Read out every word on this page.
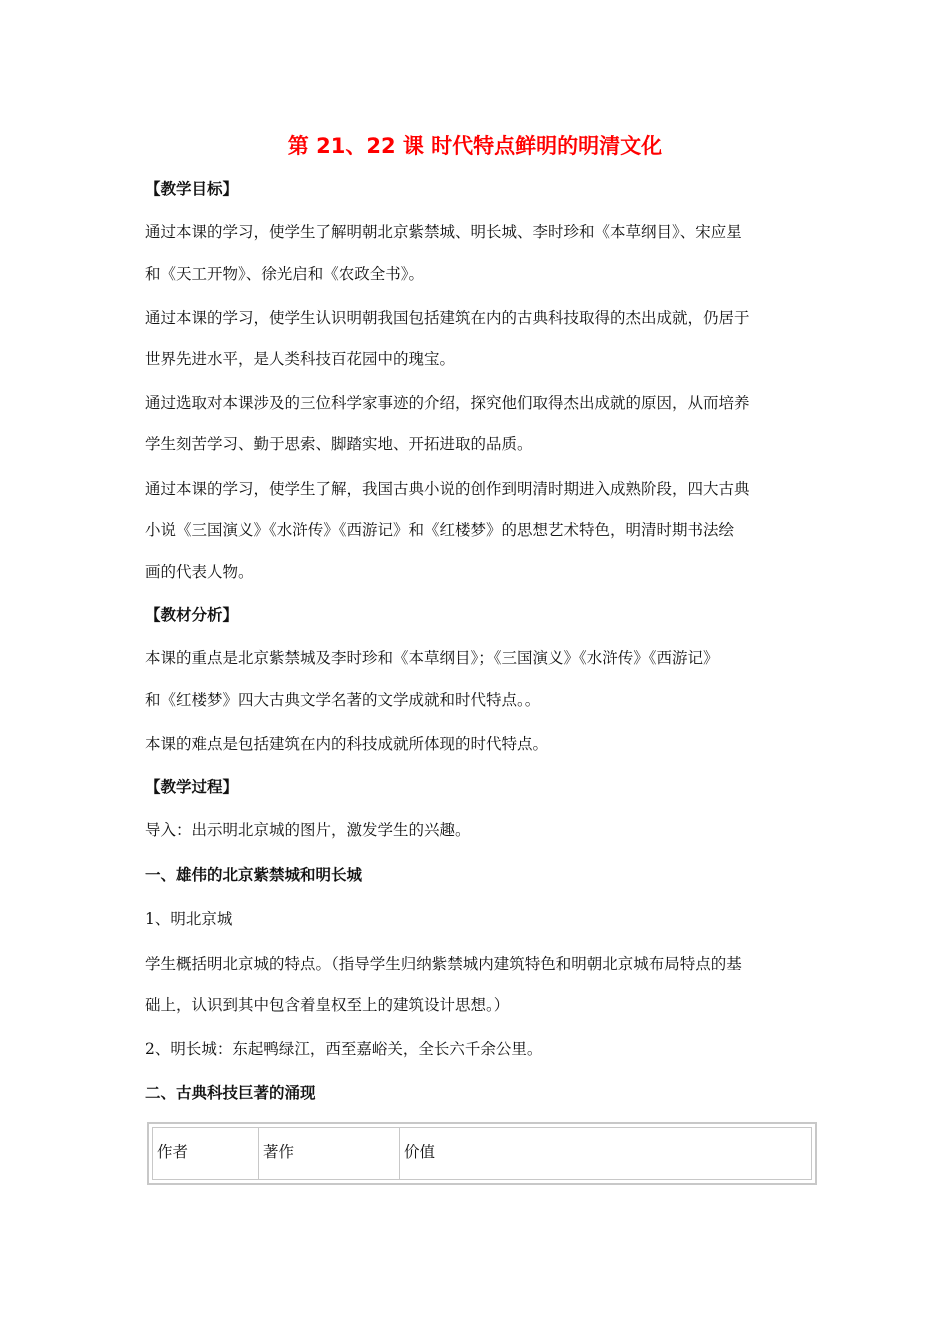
第 21、22 课 时代特点鲜明的明清文化
【教学目标】
通过本课的学习，使学生了解明朝北京紫禁城、明长城、李时珍和《本草纲目》、宋应星
和《天工开物》、徐光启和《农政全书》。
通过本课的学习，使学生认识明朝我国包括建筑在内的古典科技取得的杰出成就，仍居于
世界先进水平，是人类科技百花园中的瑰宝。
通过选取对本课涉及的三位科学家事迹的介绍，探究他们取得杰出成就的原因，从而培养
学生刻苦学习、勤于思索、脚踏实地、开拓进取的品质。
通过本课的学习，使学生了解，我国古典小说的创作到明清时期进入成熟阶段，四大古典
小说《三国演义》《水浒传》《西游记》和《红楼梦》的思想艺术特色，明清时期书法绘
画的代表人物。
【教材分析】
本课的重点是北京紫禁城及李时珍和《本草纲目》；《三国演义》《水浒传》《西游记》
和《红楼梦》四大古典文学名著的文学成就和时代特点。。
本课的难点是包括建筑在内的科技成就所体现的时代特点。
【教学过程】
导入：出示明北京城的图片，激发学生的兴趣。
一、雄伟的北京紫禁城和明长城
1、明北京城
学生概括明北京城的特点。（指导学生归纳紫禁城内建筑特色和明朝北京城布局特点的基
础上，认识到其中包含着皇权至上的建筑设计思想。）
2、明长城：东起鸭绿江，西至嘉峪关，全长六千余公里。
二、古典科技巨著的涌现
作者	著作	价值
